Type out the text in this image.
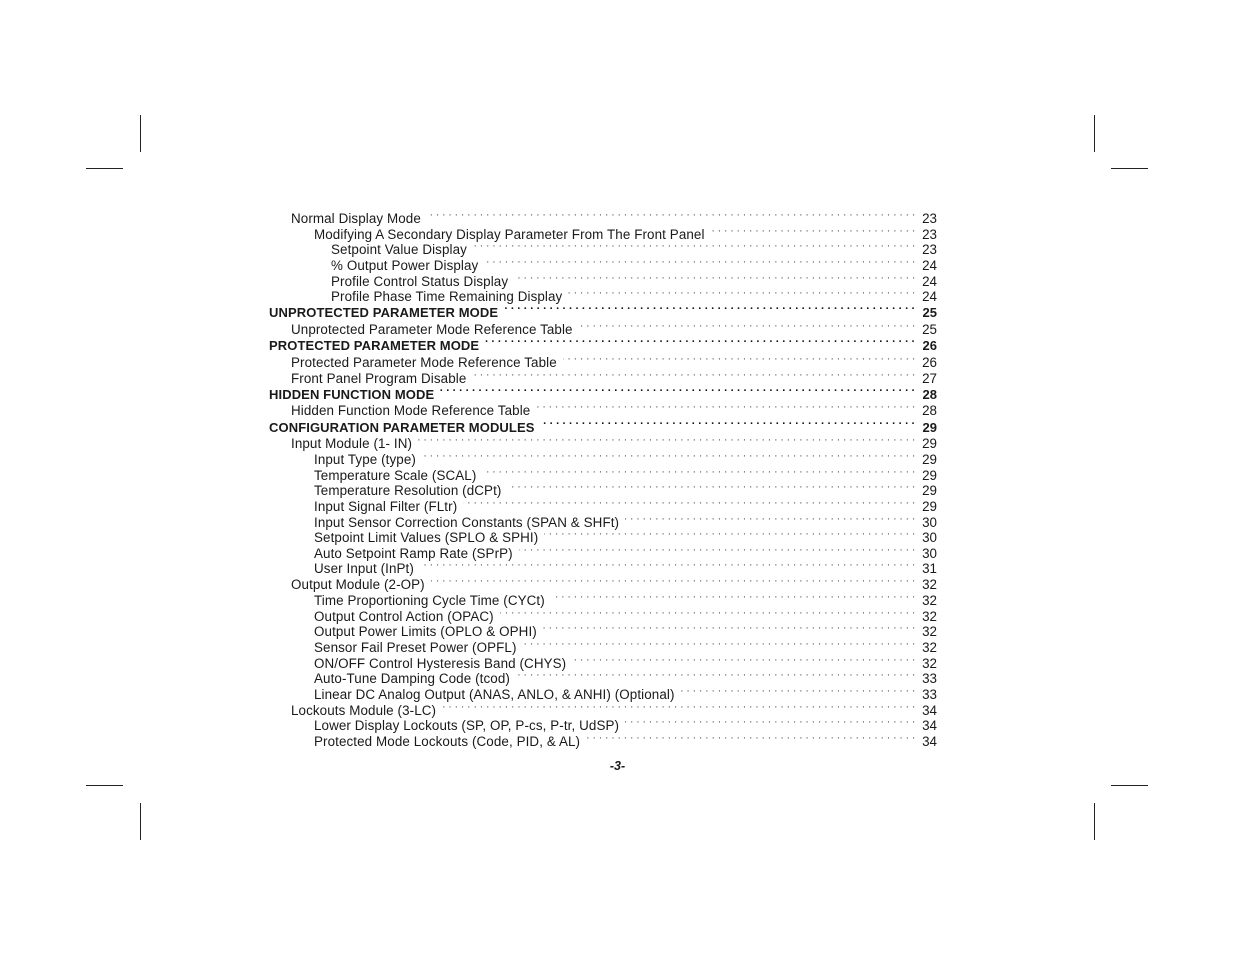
Normal Display Mode ·····	23
Modifying A Secondary Display Parameter From The Front Panel ·····	23
Setpoint Value Display ·····	23
% Output Power Display ·····	24
Profile Control Status Display ·····	24
Profile Phase Time Remaining Display ·····	24
UNPROTECTED PARAMETER MODE ·····	25
Unprotected Parameter Mode Reference Table ·····	25
PROTECTED PARAMETER MODE ·····	26
Protected Parameter Mode Reference Table ·····	26
Front Panel Program Disable ·····	27
HIDDEN FUNCTION MODE ·····	28
Hidden Function Mode Reference Table ·····	28
CONFIGURATION PARAMETER MODULES ·····	29
Input Module (1- IN) ·····	29
Input Type (type) ·····	29
Temperature Scale (SCAL) ·····	29
Temperature Resolution (dCPt) ·····	29
Input Signal Filter (FLtr) ·····	29
Input Sensor Correction Constants (SPAN & SHFt) ·····	30
Setpoint Limit Values (SPLO & SPHI) ·····	30
Auto Setpoint Ramp Rate (SPrP) ·····	30
User Input (InPt) ·····	31
Output Module (2-OP) ·····	32
Time Proportioning Cycle Time (CYCt) ·····	32
Output Control Action (OPAC) ·····	32
Output Power Limits (OPLO & OPHI) ·····	32
Sensor Fail Preset Power (OPFL) ·····	32
ON/OFF Control Hysteresis Band (CHYS) ·····	32
Auto-Tune Damping Code (tcod) ·····	33
Linear DC Analog Output (ANAS, ANLO, & ANHI) (Optional) ·····	33
Lockouts Module (3-LC) ·····	34
Lower Display Lockouts (SP, OP, P-cs, P-tr, UdSP) ·····	34
Protected Mode Lockouts (Code, PID, & AL) ·····	34
-3-
